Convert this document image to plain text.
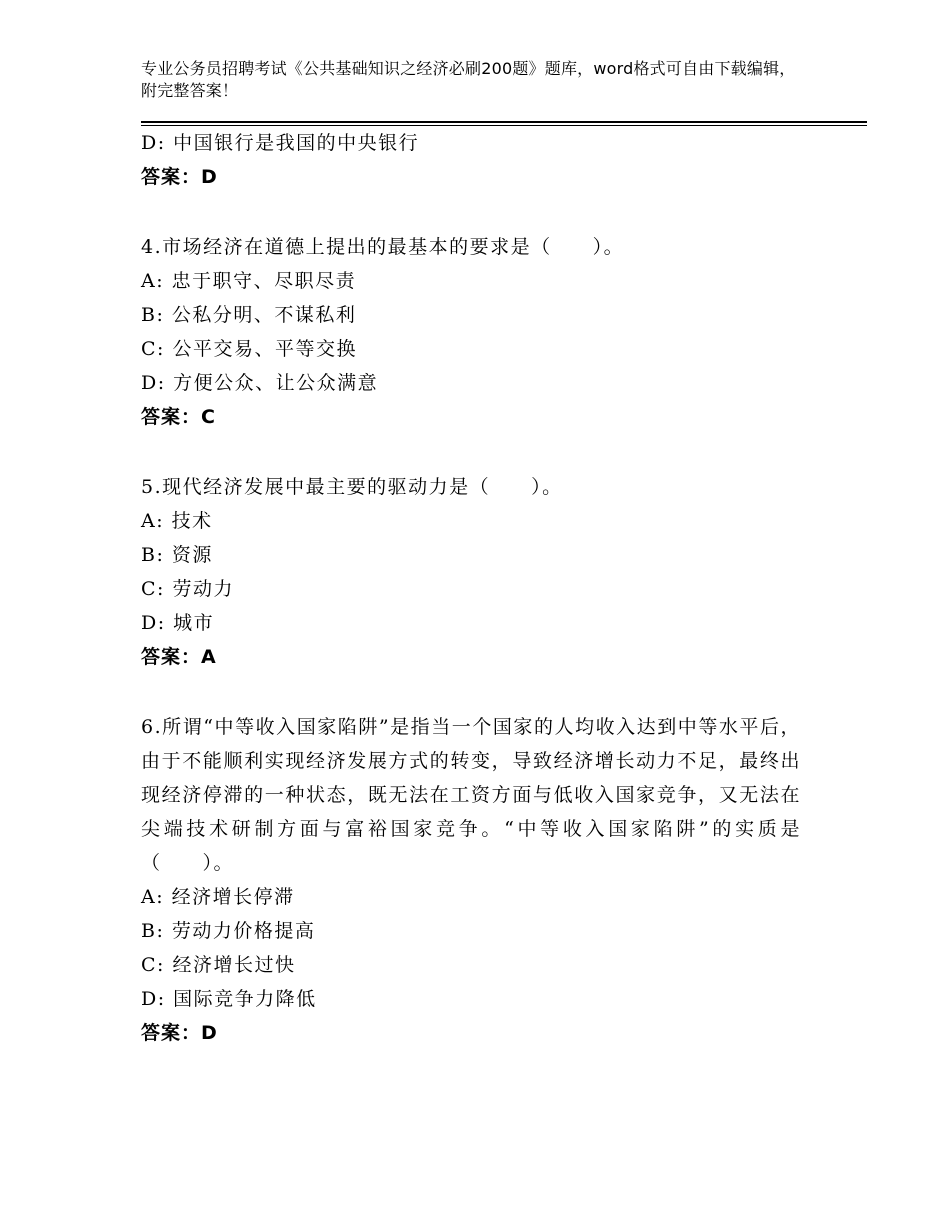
专业公务员招聘考试《公共基础知识之经济必刷200题》题库，word格式可自由下载编辑，附完整答案！
D: 中国银行是我国的中央银行
答案：D
4.市场经济在道德上提出的最基本的要求是（　　）。
A: 忠于职守、尽职尽责
B: 公私分明、不谋私利
C: 公平交易、平等交换
D: 方便公众、让公众满意
答案：C
5.现代经济发展中最主要的驱动力是（　　）。
A: 技术
B: 资源
C: 劳动力
D: 城市
答案：A
6.所谓“中等收入国家陷阱”是指当一个国家的人均收入达到中等水平后，由于不能顺利实现经济发展方式的转变，导致经济增长动力不足，最终出现经济停滞的一种状态，既无法在工资方面与低收入国家竞争，又无法在尖端技术研制方面与富裕国家竞争。“中等收入国家陷阱”的实质是（　　）。
A: 经济增长停滞
B: 劳动力价格提高
C: 经济增长过快
D: 国际竞争力降低
答案：D
